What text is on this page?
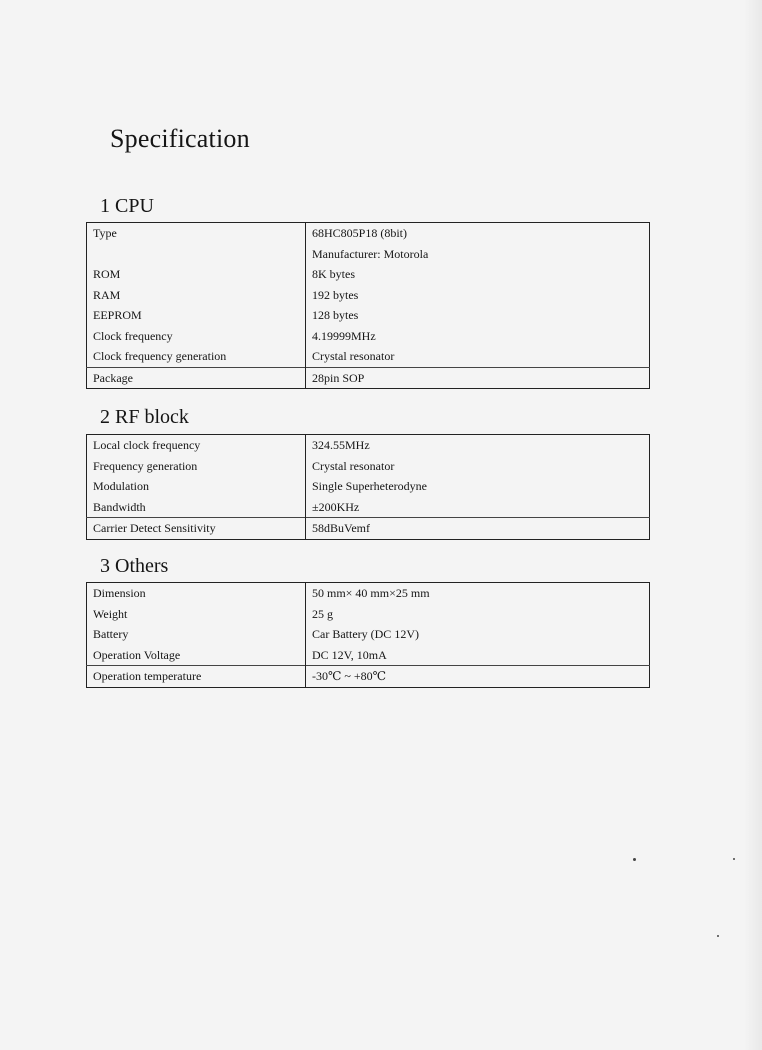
Specification
1 CPU
Type	68HC805P18 (8bit)
	Manufacturer: Motorola
ROM	8K bytes
RAM	192 bytes
EEPROM	128 bytes
Clock frequency	4.19999MHz
Clock frequency generation	Crystal resonator
Package	28pin SOP
2 RF block
Local clock frequency	324.55MHz
Frequency generation	Crystal resonator
Modulation	Single Superheterodyne
Bandwidth	±200KHz
Carrier Detect Sensitivity	58dBuVemf
3 Others
Dimension	50 mm× 40 mm×25 mm
Weight	25 g
Battery	Car Battery (DC 12V)
Operation Voltage	DC 12V, 10mA
Operation temperature	-30℃ ~ +80℃
